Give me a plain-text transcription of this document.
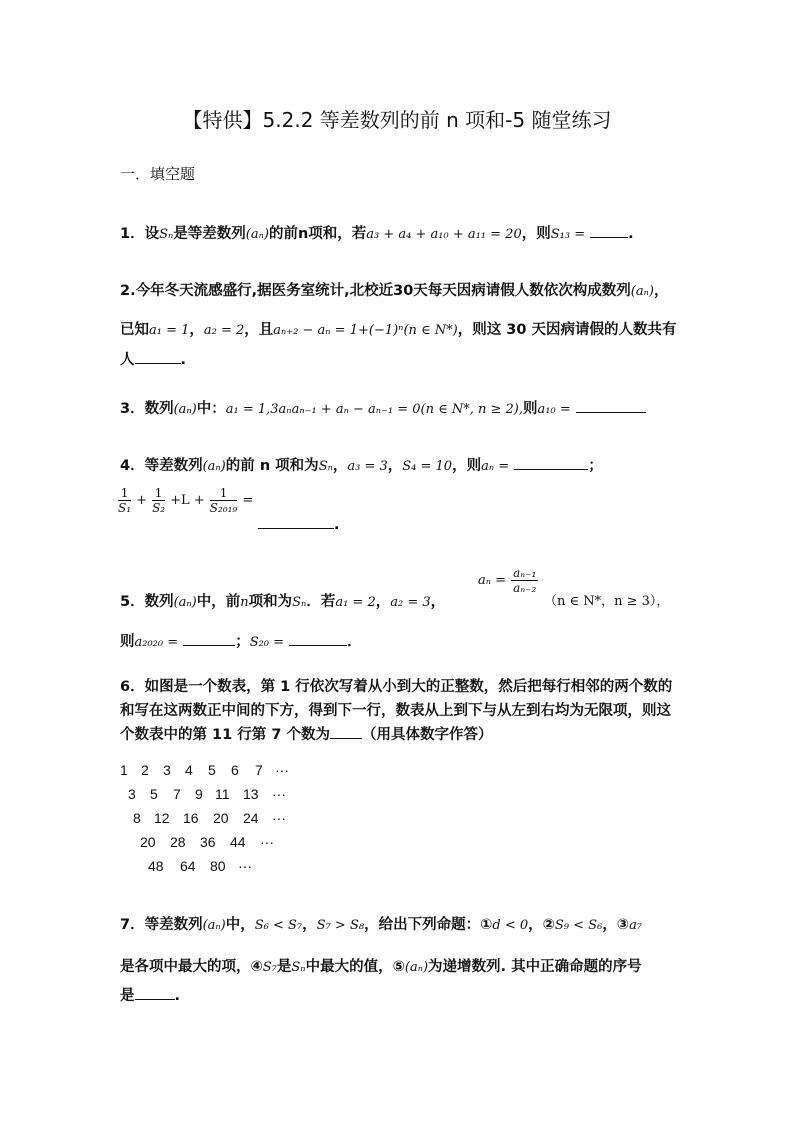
【特供】5.2.2 等差数列的前 n 项和-5 随堂练习
一．填空题
1．设Sₙ是等差数列(aₙ)的前n项和，若a₃ + a₄ + a₁₀ + a₁₁ = 20，则S₁₃ =	.
2.今年冬天流感盛行,据医务室统计,北校近30天每天因病请假人数依次构成数列(aₙ)，
已知a₁ = 1，a₂ = 2，且aₙ₊₂ − aₙ = 1+(−1)ⁿ(n ∈ N*)，则这 30 天因病请假的人数共有
人	.
3．数列(aₙ)中：a₁ = 1,3aₙaₙ₋₁ + aₙ − aₙ₋₁ = 0(n ∈ N*, n ≥ 2),则a₁₀ =
4．等差数列(aₙ)的前 n 项和为Sₙ，a₃ = 3，S₄ = 10，则aₙ =	；
$\frac{1}{\text{S₁}} + \frac{1}{\text{S₂}} +L + \frac{1}{\text{S₂₀₁₉}}$ =
.
5．数列(aₙ)中，前n项和为Sₙ．若a₁ = 2，a₂ = 3，
$a_n = \frac{\text{aₙ₋₁}}{\text{aₙ₋₂}}$
（n ∈ N*，n ≥ 3），
则a₂₀₂₀ =	；S₂₀ =	．
6．如图是一个数表，第 1 行依次写着从小到大的正整数，然后把每行相邻的两个数的
和写在这两数正中间的下方，得到下一行，数表从上到下与从左到右均为无限项，则这
个数表中的第 11 行第 7 个数为 （用具体数字作答）
1 2 3 4 5 6 7 ···
3 5 7 9 11 13 ···
8 12 16 20 24 ···
20 28 36 44 ···
48 64 80 ···
7．等差数列(aₙ)中，S₆ < S₇，S₇ > S₈，给出下列命题：①d < 0，②S₉ < S₆，③a₇
是各项中最大的项，④S₇是Sₙ中最大的值，⑤(aₙ)为递增数列. 其中正确命题的序号
是	.
